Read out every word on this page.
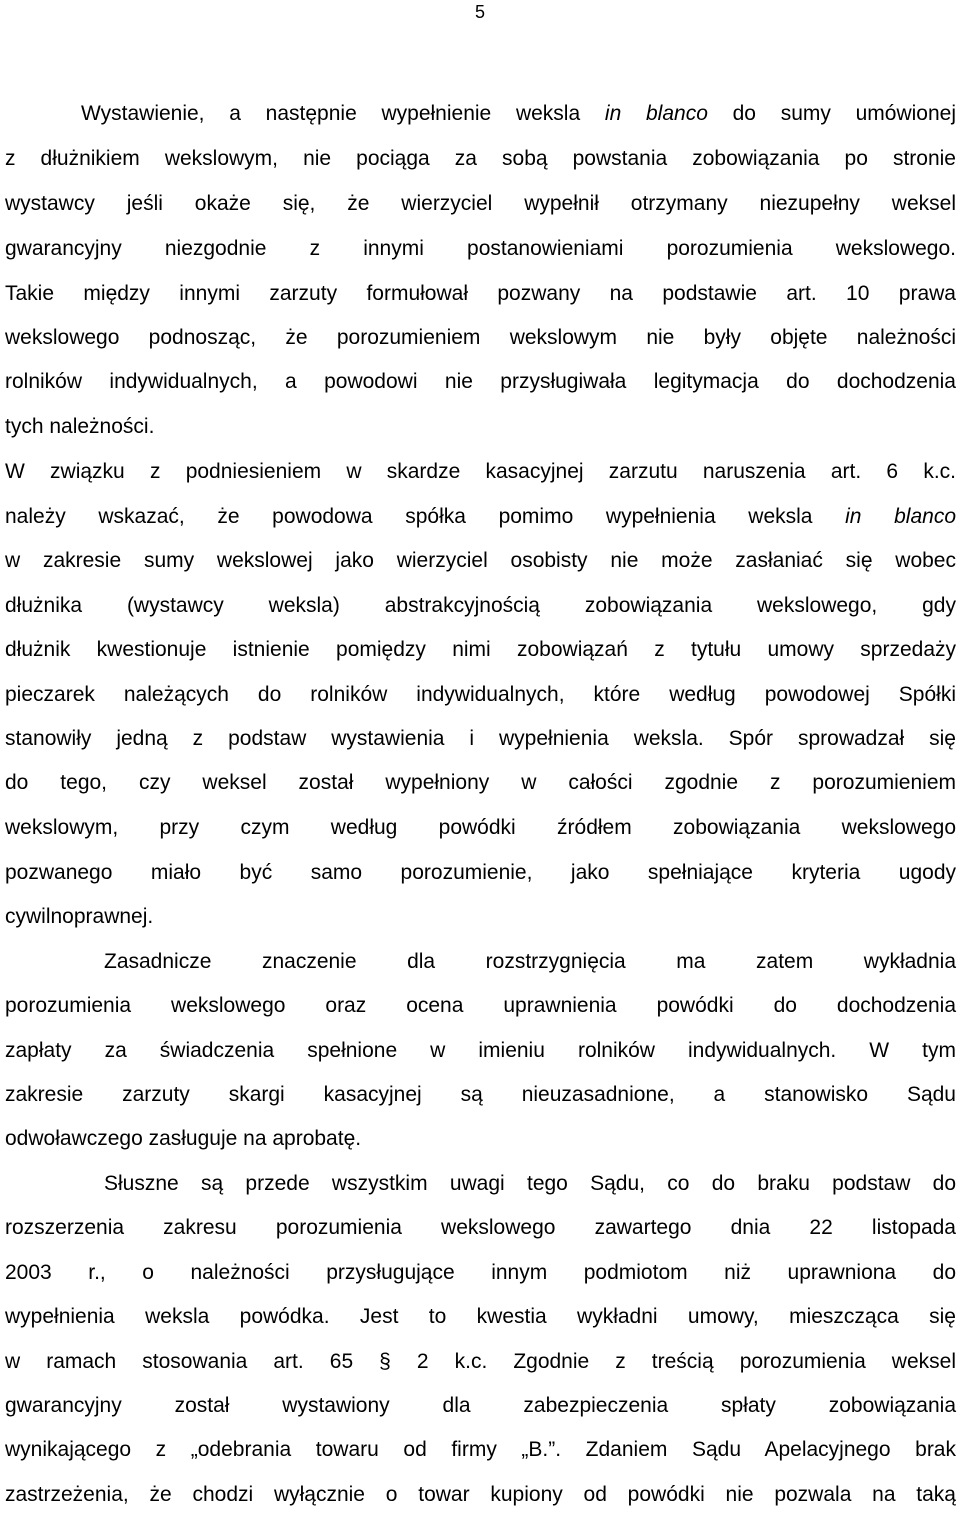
5
Wystawienie, a następnie wypełnienie weksla in blanco do sumy umówionej
z dłużnikiem wekslowym, nie pociąga za sobą powstania zobowiązania po stronie
wystawcy jeśli okaże się, że wierzyciel wypełnił otrzymany niezupełny weksel
gwarancyjny niezgodnie z innymi postanowieniami porozumienia wekslowego.
Takie między innymi zarzuty formułował pozwany na podstawie art. 10 prawa
wekslowego podnosząc, że porozumieniem wekslowym nie były objęte należności
rolników indywidualnych, a powodowi nie przysługiwała legitymacja do dochodzenia
tych należności.
W związku z podniesieniem w skardze kasacyjnej zarzutu naruszenia art. 6 k.c.
należy wskazać, że powodowa spółka pomimo wypełnienia weksla in blanco
w zakresie sumy wekslowej jako wierzyciel osobisty nie może zasłaniać się wobec
dłużnika (wystawcy weksla) abstrakcyjnością zobowiązania wekslowego, gdy
dłużnik kwestionuje istnienie pomiędzy nimi zobowiązań z tytułu umowy sprzedaży
pieczarek należących do rolników indywidualnych, które według powodowej Spółki
stanowiły jedną z podstaw wystawienia i wypełnienia weksla. Spór sprowadzał się
do tego, czy weksel został wypełniony w całości zgodnie z porozumieniem
wekslowym, przy czym według powódki źródłem zobowiązania wekslowego
pozwanego miało być samo porozumienie, jako spełniające kryteria ugody
cywilnoprawnej.
Zasadnicze znaczenie dla rozstrzygnięcia ma zatem wykładnia
porozumienia wekslowego oraz ocena uprawnienia powódki do dochodzenia
zapłaty za świadczenia spełnione w imieniu rolników indywidualnych. W tym
zakresie zarzuty skargi kasacyjnej są nieuzasadnione, a stanowisko Sądu
odwoławczego zasługuje na aprobatę.
Słuszne są przede wszystkim uwagi tego Sądu, co do braku podstaw do
rozszerzenia zakresu porozumienia wekslowego zawartego dnia 22 listopada
2003 r., o należności przysługujące innym podmiotom niż uprawniona do
wypełnienia weksla powódka. Jest to kwestia wykładni umowy, mieszcząca się
w ramach stosowania art. 65 § 2 k.c. Zgodnie z treścią porozumienia weksel
gwarancyjny został wystawiony dla zabezpieczenia spłaty zobowiązania
wynikającego z „odebrania towaru od firmy „B.”. Zdaniem Sądu Apelacyjnego brak
zastrzeżenia, że chodzi wyłącznie o towar kupiony od powódki nie pozwala na taką
